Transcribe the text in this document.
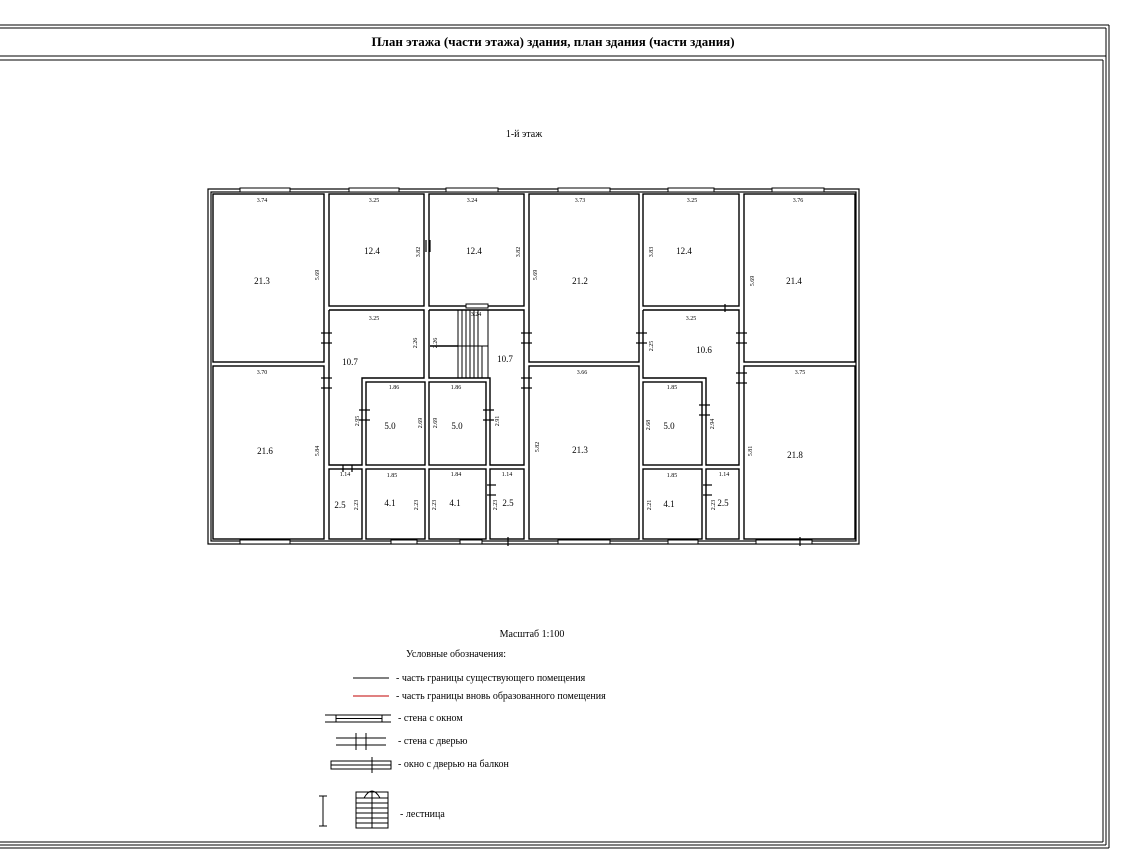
1-й этаж
21.3
12.4	12.4
21.2
12.4
21.4
10.7	10.7
10.6
21.6
5.0	5.0
21.3
5.0
21.8
2.5	4.1	4.1	2.5	4.1	2.5
3.74	3.25	3.24	3.73	3.25	3.76
3.25
3.24
3.25
3.70
1.86	1.86
3.66
1.85
3.75
1.14	1.85	1.84	1.14	1.85	1.14
5.69
3.82	3.82
5.69
3.83
5.69
2.26 2.26	2.25
5.84
2.95	2.69 2.69	2.91
5.82
2.68	2.94
5.81
2.23	2.23 2.23	2.23	2.21	2.23
Масштаб 1:100
Условные обозначения:
- часть границы существующего помещения
- часть границы вновь образованного помещения
- стена с окном
- стена с дверью
- окно с дверью на балкон
- лестница
План этажа (части этажа) здания, план здания (части здания)
